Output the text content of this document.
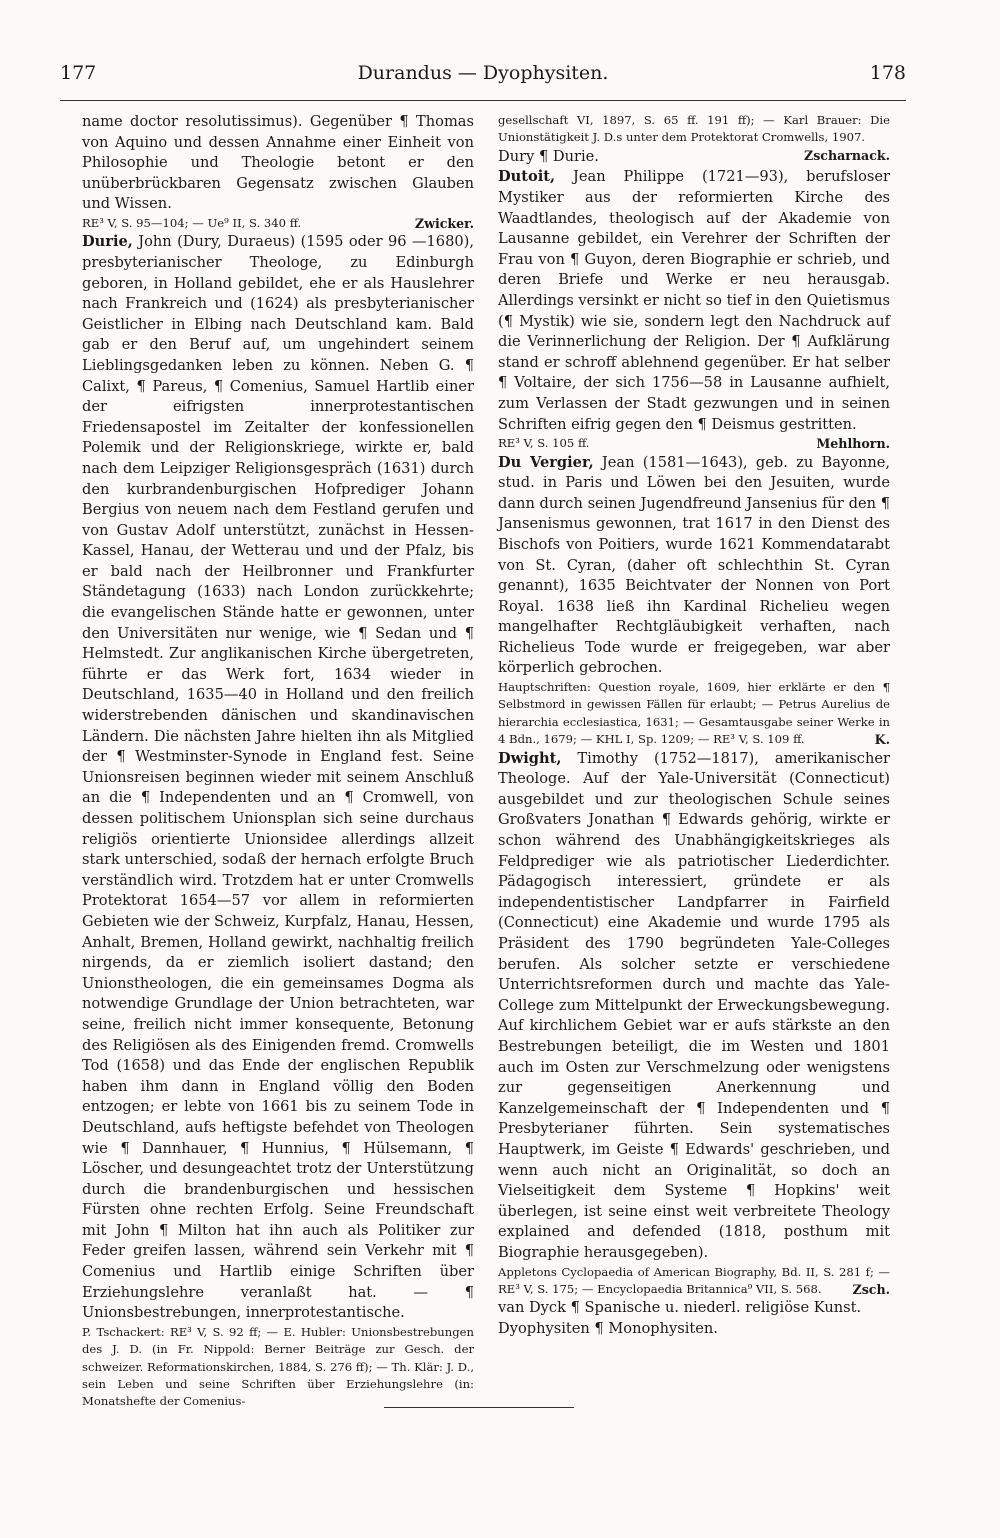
177	Durandus — Dyophysiten.	178

name doctor resolutissimus). Gegenüber ¶ Thomas von Aquino und dessen Annahme einer Einheit von Philosophie und Theologie betont er den unüberbrückbaren Gegensatz zwischen Glauben und Wissen.

RE³ V, S. 95—104; — Ue⁹ II, S. 340 ff.	Zwicker.

Durie, John (Dury, Duraeus) (1595 oder 96 —1680), presbyterianischer Theologe, zu Edinburgh geboren, in Holland gebildet, ehe er als Hauslehrer nach Frankreich und (1624) als presbyterianischer Geistlicher in Elbing nach Deutschland kam. Bald gab er den Beruf auf, um ungehindert seinem Lieblingsgedanken leben zu können. Neben G. ¶ Calixt, ¶ Pareus, ¶ Comenius, Samuel Hartlib einer der eifrigsten innerprotestantischen Friedensapostel im Zeitalter der konfessionellen Polemik und der Religionskriege, wirkte er, bald nach dem Leipziger Religionsgespräch (1631) durch den kurbrandenburgischen Hofprediger Johann Bergius von neuem nach dem Festland gerufen und von Gustav Adolf unterstützt, zunächst in Hessen-Kassel, Hanau, der Wetterau und und der Pfalz, bis er bald nach der Heilbronner und Frankfurter Ständetagung (1633) nach London zurückkehrte; die evangelischen Stände hatte er gewonnen, unter den Universitäten nur wenige, wie ¶ Sedan und ¶ Helmstedt. Zur anglikanischen Kirche übergetreten, führte er das Werk fort, 1634 wieder in Deutschland, 1635—40 in Holland und den freilich widerstrebenden dänischen und skandinavischen Ländern. Die nächsten Jahre hielten ihn als Mitglied der ¶ Westminster-Synode in England fest. Seine Unionsreisen beginnen wieder mit seinem Anschluß an die ¶ Independenten und an ¶ Cromwell, von dessen politischem Unionsplan sich seine durchaus religiös orientierte Unionsidee allerdings allzeit stark unterschied, sodaß der hernach erfolgte Bruch verständlich wird. Trotzdem hat er unter Cromwells Protektorat 1654—57 vor allem in reformierten Gebieten wie der Schweiz, Kurpfalz, Hanau, Hessen, Anhalt, Bremen, Holland gewirkt, nachhaltig freilich nirgends, da er ziemlich isoliert dastand; den Unionstheologen, die ein gemeinsames Dogma als notwendige Grundlage der Union betrachteten, war seine, freilich nicht immer konsequente, Betonung des Religiösen als des Einigenden fremd. Cromwells Tod (1658) und das Ende der englischen Republik haben ihm dann in England völlig den Boden entzogen; er lebte von 1661 bis zu seinem Tode in Deutschland, aufs heftigste befehdet von Theologen wie ¶ Dannhauer, ¶ Hunnius, ¶ Hülsemann, ¶ Löscher, und desungeachtet trotz der Unterstützung durch die brandenburgischen und hessischen Fürsten ohne rechten Erfolg. Seine Freundschaft mit John ¶ Milton hat ihn auch als Politiker zur Feder greifen lassen, während sein Verkehr mit ¶ Comenius und Hartlib einige Schriften über Erziehungslehre veranlaßt hat. — ¶ Unionsbestrebungen, innerprotestantische.

P. Tschackert: RE³ V, S. 92 ff; — E. Hubler: Unionsbestrebungen des J. D. (in Fr. Nippold: Berner Beiträge zur Gesch. der schweizer. Reformationskirchen, 1884, S. 276 ff); — Th. Klär: J. D., sein Leben und seine Schriften über Erziehungslehre (in: Monatshefte der Comenius-

gesellschaft VI, 1897, S. 65 ff. 191 ff); — Karl Brauer: Die Unionstätigkeit J. D.s unter dem Protektorat Cromwells, 1907.
Zscharnack.

Dury ¶ Durie.

Dutoit, Jean Philippe (1721—93), berufsloser Mystiker aus der reformierten Kirche des Waadtlandes, theologisch auf der Akademie von Lausanne gebildet, ein Verehrer der Schriften der Frau von ¶ Guyon, deren Biographie er schrieb, und deren Briefe und Werke er neu herausgab. Allerdings versinkt er nicht so tief in den Quietismus (¶ Mystik) wie sie, sondern legt den Nachdruck auf die Verinnerlichung der Religion. Der ¶ Aufklärung stand er schroff ablehnend gegenüber. Er hat selber ¶ Voltaire, der sich 1756—58 in Lausanne aufhielt, zum Verlassen der Stadt gezwungen und in seinen Schriften eifrig gegen den ¶ Deismus gestritten.

RE³ V, S. 105 ff.	Mehlhorn.

Du Vergier, Jean (1581—1643), geb. zu Bayonne, stud. in Paris und Löwen bei den Jesuiten, wurde dann durch seinen Jugendfreund Jansenius für den ¶ Jansenismus gewonnen, trat 1617 in den Dienst des Bischofs von Poitiers, wurde 1621 Kommendatarabt von St. Cyran, (daher oft schlechthin St. Cyran genannt), 1635 Beichtvater der Nonnen von Port Royal. 1638 ließ ihn Kardinal Richelieu wegen mangelhafter Rechtgläubigkeit verhaften, nach Richelieus Tode wurde er freigegeben, war aber körperlich gebrochen.

Hauptschriften: Question royale, 1609, hier erklärte er den ¶ Selbstmord in gewissen Fällen für erlaubt; — Petrus Aurelius de hierarchia ecclesiastica, 1631; — Gesamtausgabe seiner Werke in 4 Bdn., 1679; — KHL I, Sp. 1209; — RE³ V, S. 109 ff.	K.

Dwight, Timothy (1752—1817), amerikanischer Theologe. Auf der Yale-Universität (Connecticut) ausgebildet und zur theologischen Schule seines Großvaters Jonathan ¶ Edwards gehörig, wirkte er schon während des Unabhängigkeitskrieges als Feldprediger wie als patriotischer Liederdichter. Pädagogisch interessiert, gründete er als independentistischer Landpfarrer in Fairfield (Connecticut) eine Akademie und wurde 1795 als Präsident des 1790 begründeten Yale-Colleges berufen. Als solcher setzte er verschiedene Unterrichtsreformen durch und machte das Yale-College zum Mittelpunkt der Erweckungsbewegung. Auf kirchlichem Gebiet war er aufs stärkste an den Bestrebungen beteiligt, die im Westen und 1801 auch im Osten zur Verschmelzung oder wenigstens zur gegenseitigen Anerkennung und Kanzelgemeinschaft der ¶ Independenten und ¶ Presbyterianer führten. Sein systematisches Hauptwerk, im Geiste ¶ Edwards' geschrieben, und wenn auch nicht an Originalität, so doch an Vielseitigkeit dem Systeme ¶ Hopkins' weit überlegen, ist seine einst weit verbreitete Theology explained and defended (1818, posthum mit Biographie herausgegeben).

Appletons Cyclopaedia of American Biography, Bd. II, S. 281 f; — RE³ V, S. 175; — Encyclopaedia Britannica⁹ VII, S. 568. Zsch.

van Dyck ¶ Spanische u. niederl. religiöse Kunst.

Dyophysiten ¶ Monophysiten.
